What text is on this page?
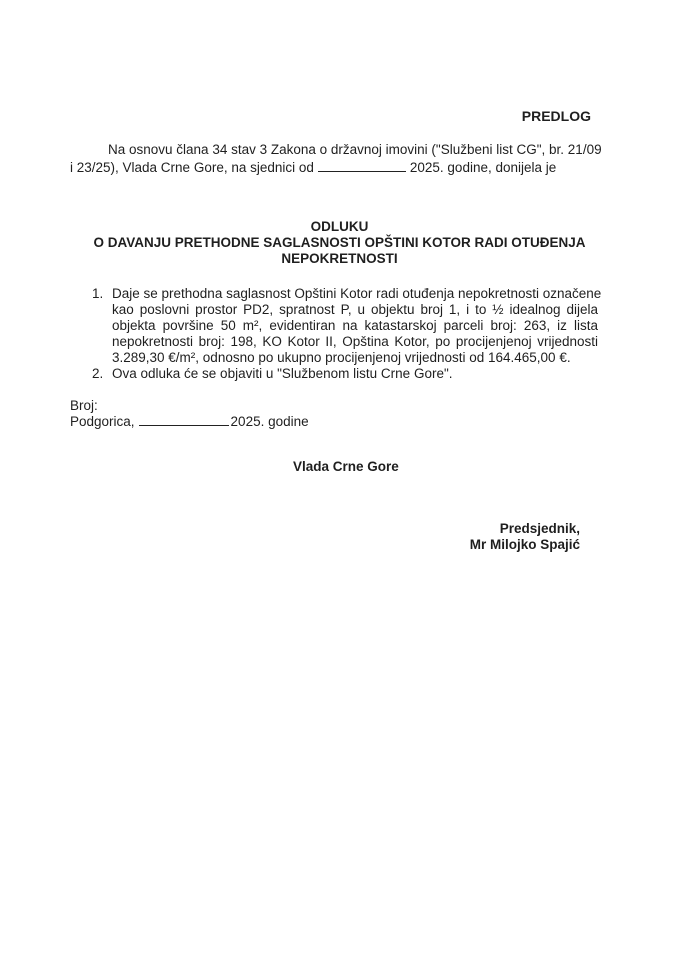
PREDLOG
Na osnovu člana 34 stav 3 Zakona o državnoj imovini ("Službeni list CG", br. 21/09
i 23/25), Vlada Crne Gore, na sjednici od	2025. godine, donijela je
ODLUKU
O DAVANJU PRETHODNE SAGLASNOSTI OPŠTINI KOTOR RADI OTUĐENJA
NEPOKRETNOSTI
1. Daje se prethodna saglasnost Opštini Kotor radi otuđenja nepokretnosti označene
kao poslovni prostor PD2, spratnost P, u objektu broj 1, i to ½ idealnog dijela
objekta površine 50 m², evidentiran na katastarskoj parceli broj: 263, iz lista
nepokretnosti broj: 198, KO Kotor II, Opština Kotor, po procijenjenoj vrijednosti
3.289,30 €/m², odnosno po ukupno procijenjenoj vrijednosti od 164.465,00 €.
2. Ova odluka će se objaviti u "Službenom listu Crne Gore".
Broj:
Podgorica,	2025. godine
Vlada Crne Gore
Predsjednik,
Mr Milojko Spajić
